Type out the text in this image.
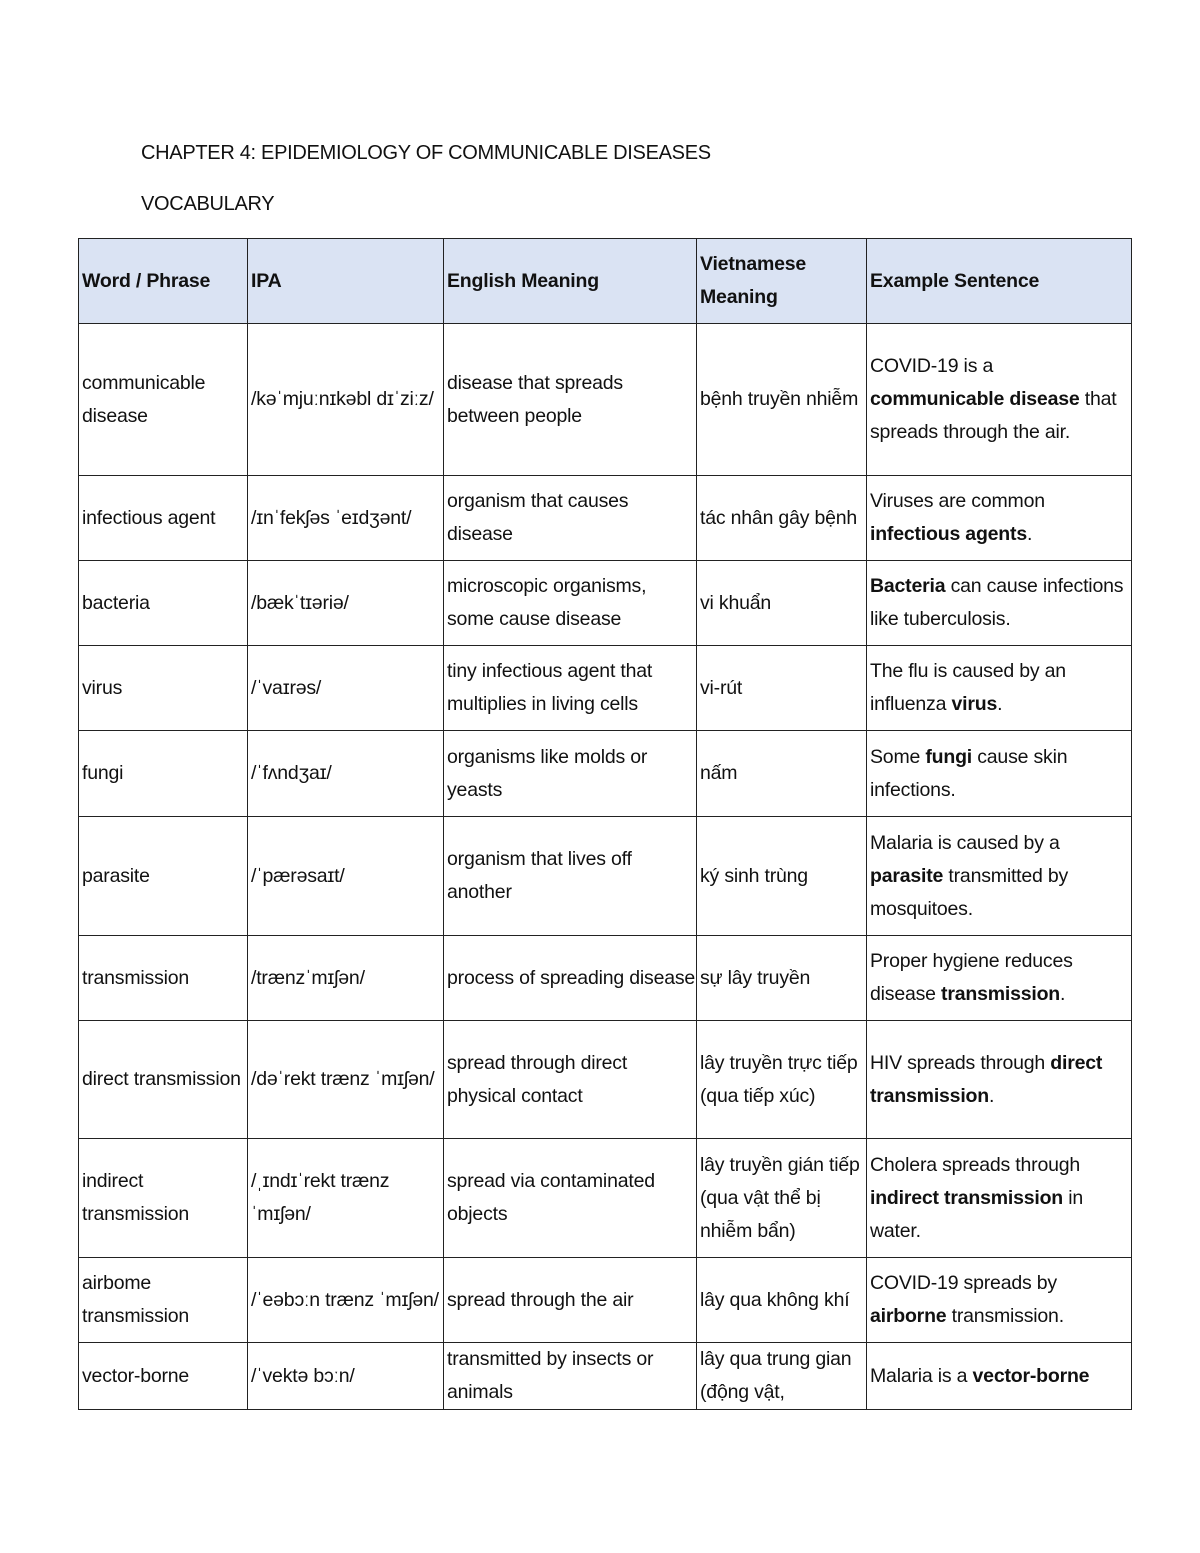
CHAPTER 4: EPIDEMIOLOGY OF COMMUNICABLE DISEASES
VOCABULARY
Word / Phrase	IPA	English Meaning	Vietnamese Meaning	Example Sentence
communicable disease	/kəˈmjuːnɪkəbl dɪˈziːz/	disease that spreads between people	bệnh truyền nhiễm	COVID-19 is a communicable disease that spreads through the air.
infectious agent	/ɪnˈfekʃəs ˈeɪdʒənt/	organism that causes disease	tác nhân gây bệnh	Viruses are common infectious agents.
bacteria	/bækˈtɪəriə/	microscopic organisms, some cause disease	vi khuẩn	Bacteria can cause infections like tuberculosis.
virus	/ˈvaɪrəs/	tiny infectious agent that multiplies in living cells	vi-rút	The flu is caused by an influenza virus.
fungi	/ˈfʌndʒaɪ/	organisms like molds or yeasts	nấm	Some fungi cause skin infections.
parasite	/ˈpærəsaɪt/	organism that lives off another	ký sinh trùng	Malaria is caused by a parasite transmitted by mosquitoes.
transmission	/trænzˈmɪʃən/	process of spreading disease	sự lây truyền	Proper hygiene reduces disease transmission.
direct transmission	/dəˈrekt trænz ˈmɪʃən/	spread through direct physical contact	lây truyền trực tiếp (qua tiếp xúc)	HIV spreads through direct transmission.
indirect transmission	/ˌɪndɪˈrekt trænz ˈmɪʃən/	spread via contaminated objects	lây truyền gián tiếp (qua vật thể bị nhiễm bẩn)	Cholera spreads through indirect transmission in water.
airbome transmission	/ˈeəbɔːn trænz ˈmɪʃən/	spread through the air	lây qua không khí	COVID-19 spreads by airborne transmission.
vector-borne	/ˈvektə bɔːn/	transmitted by insects or animals	lây qua trung gian (động vật,	Malaria is a vector-borne
